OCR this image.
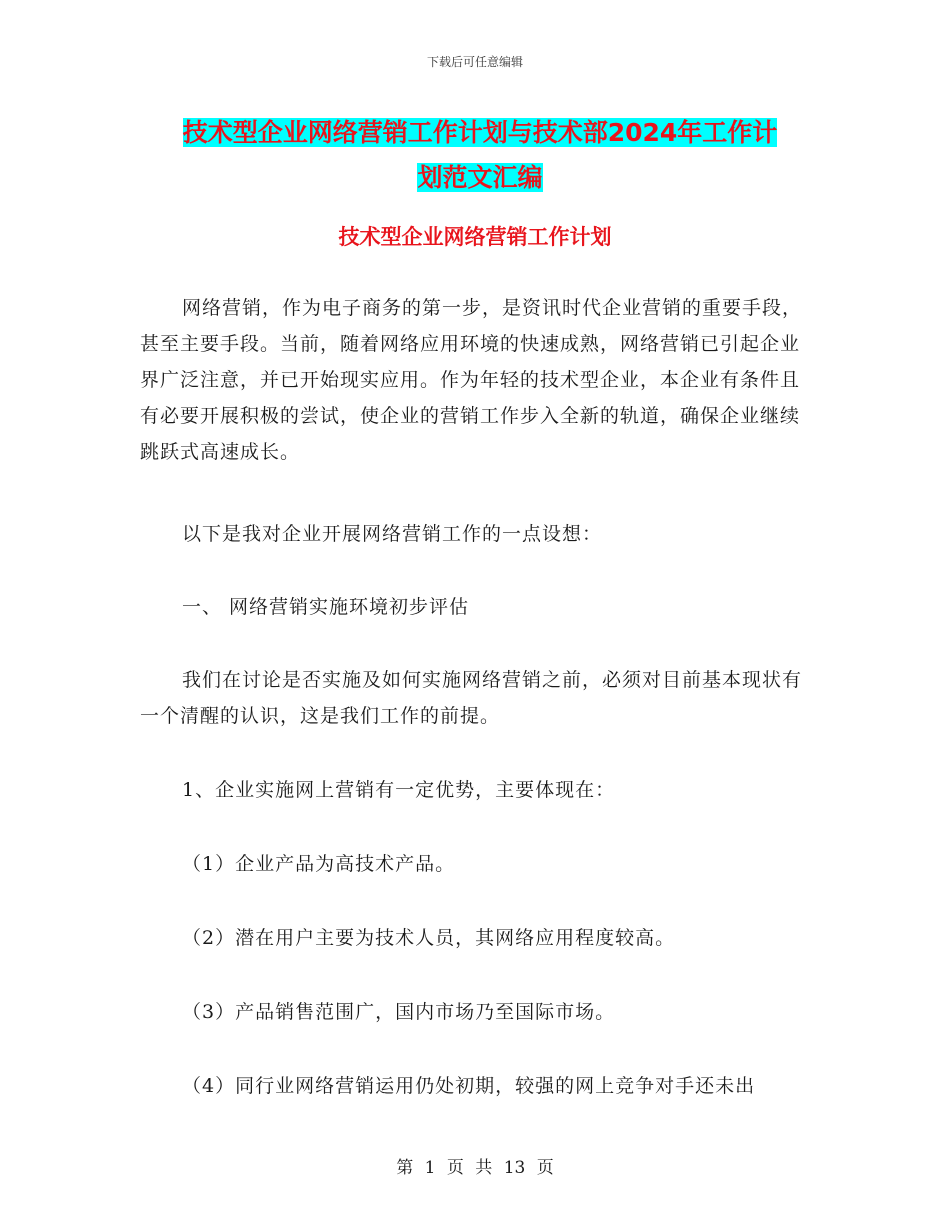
下载后可任意编辑
技术型企业网络营销工作计划与技术部2024年工作计
划范文汇编
技术型企业网络营销工作计划

网络营销，作为电子商务的第一步，是资讯时代企业营销的重要手段，甚至主要手段。当前，随着网络应用环境的快速成熟，网络营销已引起企业界广泛注意，并已开始现实应用。作为年轻的技术型企业，本企业有条件且有必要开展积极的尝试，使企业的营销工作步入全新的轨道，确保企业继续跳跃式高速成长。

以下是我对企业开展网络营销工作的一点设想：

一、 网络营销实施环境初步评估

我们在讨论是否实施及如何实施网络营销之前，必须对目前基本现状有一个清醒的认识，这是我们工作的前提。

1、企业实施网上营销有一定优势，主要体现在：

（1）企业产品为高技术产品。

（2）潜在用户主要为技术人员，其网络应用程度较高。

（3）产品销售范围广，国内市场乃至国际市场。

（4）同行业网络营销运用仍处初期，较强的网上竞争对手还未出

第 1 页 共 13 页
